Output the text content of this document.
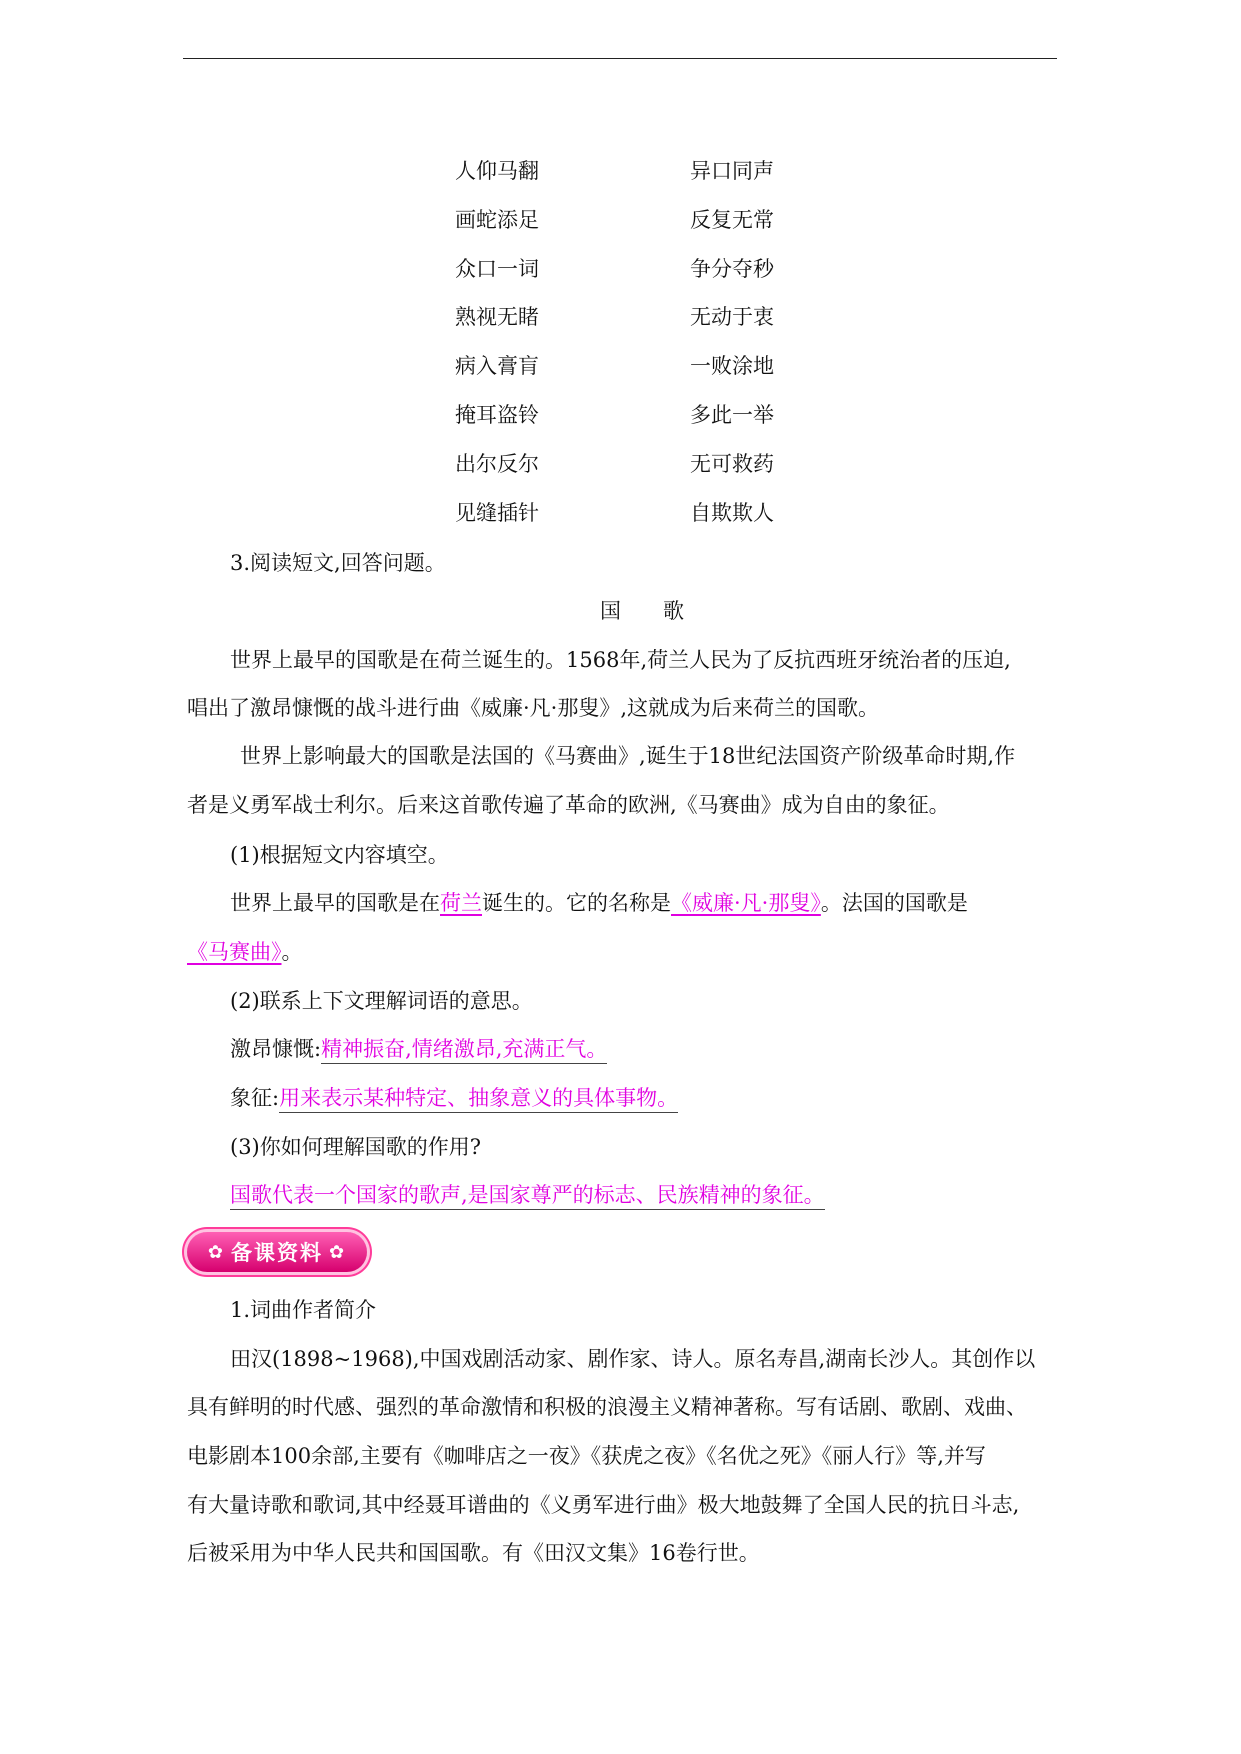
人仰马翻	异口同声
画蛇添足	反复无常
众口一词	争分夺秒
熟视无睹	无动于衷
病入膏肓	一败涂地
掩耳盗铃	多此一举
出尔反尔	无可救药
见缝插针	自欺欺人
3.阅读短文,回答问题。
国　　歌
世界上最早的国歌是在荷兰诞生的。1568年,荷兰人民为了反抗西班牙统治者的压迫,
唱出了激昂慷慨的战斗进行曲《威廉·凡·那叟》,这就成为后来荷兰的国歌。
世界上影响最大的国歌是法国的《马赛曲》,诞生于18世纪法国资产阶级革命时期,作
者是义勇军战士利尔。后来这首歌传遍了革命的欧洲,《马赛曲》成为自由的象征。
(1)根据短文内容填空。
世界上最早的国歌是在荷兰诞生的。它的名称是《威廉·凡·那叟》。法国的国歌是
《马赛曲》。
(2)联系上下文理解词语的意思。
激昂慷慨:精神振奋,情绪激昂,充满正气。
象征:用来表示某种特定、抽象意义的具体事物。
(3)你如何理解国歌的作用?
国歌代表一个国家的歌声,是国家尊严的标志、民族精神的象征。
✿ 备课资料 ✿
1.词曲作者简介
田汉(1898~1968),中国戏剧活动家、剧作家、诗人。原名寿昌,湖南长沙人。其创作以
具有鲜明的时代感、强烈的革命激情和积极的浪漫主义精神著称。写有话剧、歌剧、戏曲、
电影剧本100余部,主要有《咖啡店之一夜》《获虎之夜》《名优之死》《丽人行》等,并写
有大量诗歌和歌词,其中经聂耳谱曲的《义勇军进行曲》极大地鼓舞了全国人民的抗日斗志,
后被采用为中华人民共和国国歌。有《田汉文集》16卷行世。
